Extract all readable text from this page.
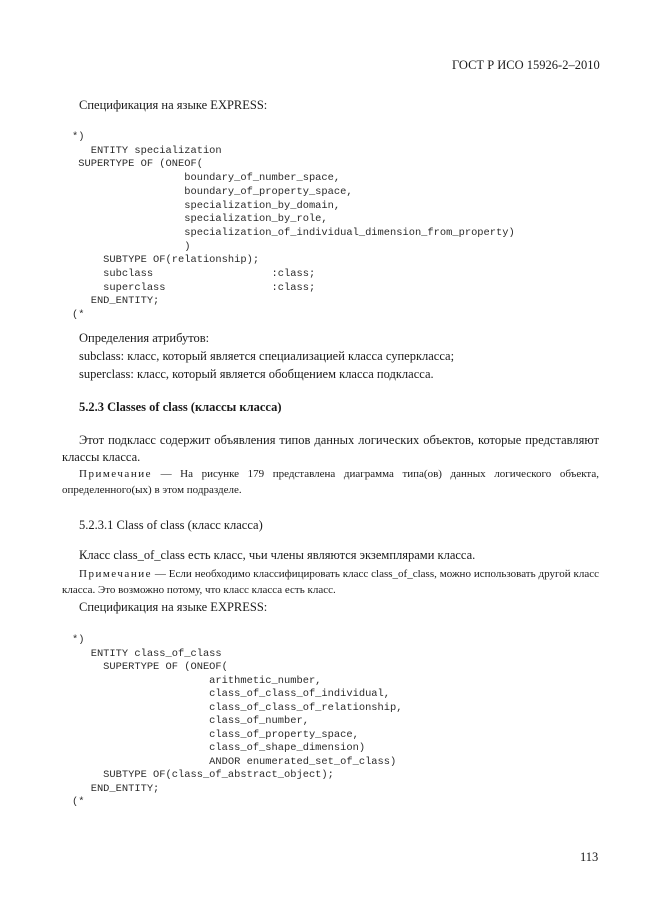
ГОСТ Р ИСО 15926-2–2010
Спецификация на языке EXPRESS:
*)
ENTITY specialization
SUPERTYPE OF (ONEOF(
boundary_of_number_space,
boundary_of_property_space,
specialization_by_domain,
specialization_by_role,
specialization_of_individual_dimension_from_property)
)
SUBTYPE OF(relationship);
subclass                   :class;
superclass                 :class;
END_ENTITY;
(*
Определения атрибутов:
subclass: класс, который является специализацией класса суперкласса;
superclass: класс, который является обобщением класса подкласса.
5.2.3 Classes of class (классы класса)
Этот подкласс содержит объявления типов данных логических объектов, которые представляют классы класса.
Примечание — На рисунке 179 представлена диаграмма типа(ов) данных логического объекта, определенного(ых) в этом подразделе.
5.2.3.1 Class of class (класс класса)
Класс class_of_class есть класс, чьи члены являются экземплярами класса.
Примечание — Если необходимо классифицировать класс class_of_class, можно использовать другой класс класса. Это возможно потому, что класс класса есть класс.
Спецификация на языке EXPRESS:
*)
ENTITY class_of_class
SUPERTYPE OF (ONEOF(
arithmetic_number,
class_of_class_of_individual,
class_of_class_of_relationship,
class_of_number,
class_of_property_space,
class_of_shape_dimension)
ANDOR enumerated_set_of_class)
SUBTYPE OF(class_of_abstract_object);
END_ENTITY;
(*
113
